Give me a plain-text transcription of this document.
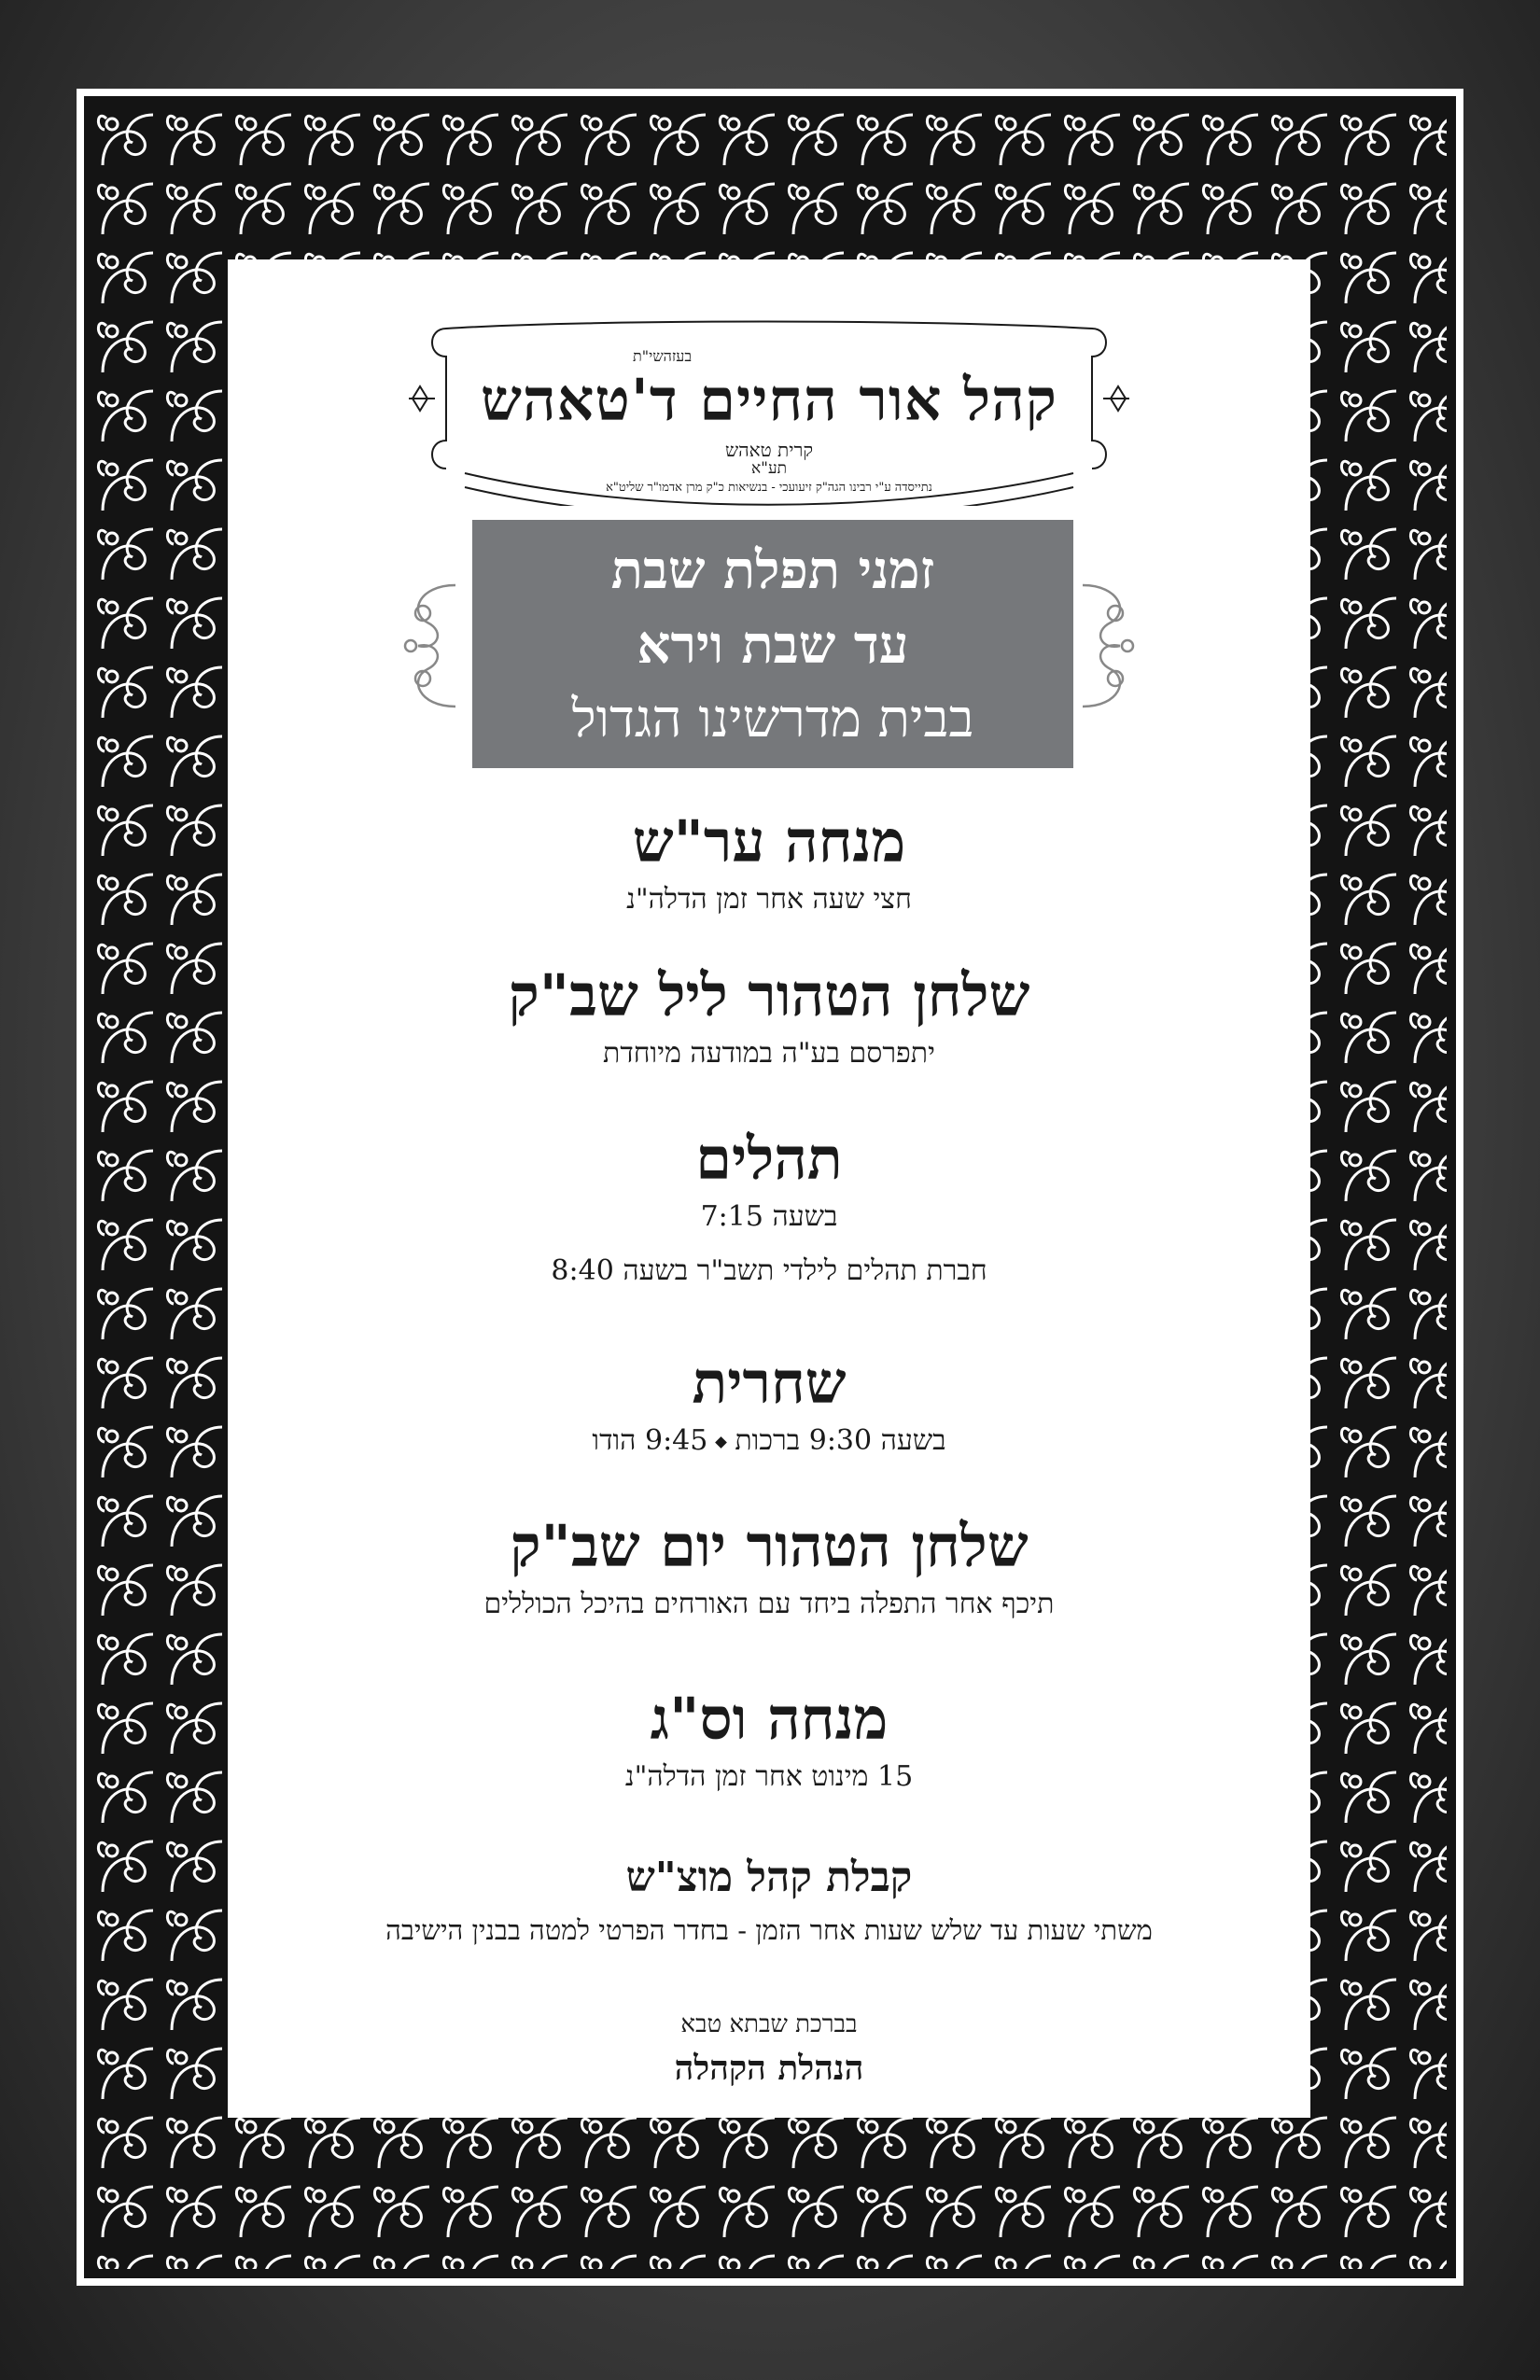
בעזהשי"ת
קהל אור החיים ד'טאהש
קרית טאהש
תע"א
נתייסדה ע"י רבינו הגה"ק זיעועכי - בנשיאות כ"ק מרן אדמו"ר שליט"א
זמני תפלת שבת
עד שבת וירא
בבית מדרשינו הגדול
מנחה ער"ש
חצי שעה אחר זמן הדלה"נ
שלחן הטהור ליל שב"ק
יתפרסם בע"ה במודעה מיוחדת
תהלים
בשעה 7:15
חברת תהלים לילדי תשב"ר בשעה 8:40
שחרית
בשעה 9:30 ברכות9:45 הודו
שלחן הטהור יום שב"ק
תיכף אחר התפלה ביחד עם האורחים בהיכל הכוללים
מנחה וס"ג
15 מינוט אחר זמן הדלה"נ
קבלת קהל מוצ"ש
משתי שעות עד שלש שעות אחר הזמן - בחדר הפרטי למטה בבנין הישיבה
בברכת שבתא טבא
הנהלת הקהלה
